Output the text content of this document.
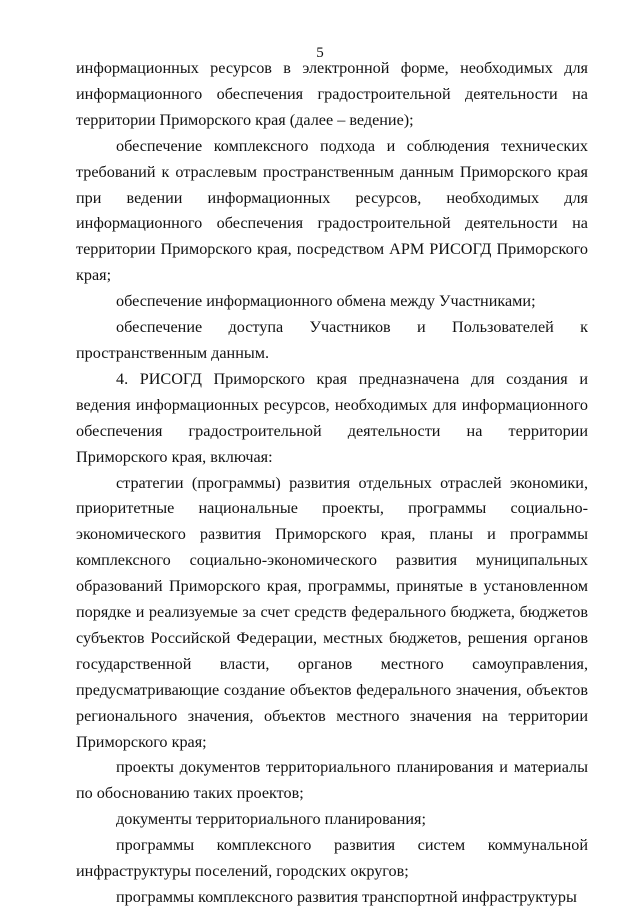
5

информационных ресурсов в электронной форме, необходимых для информационного обеспечения градостроительной деятельности на территории Приморского края (далее – ведение);

обеспечение комплексного подхода и соблюдения технических требований к отраслевым пространственным данным Приморского края при ведении информационных ресурсов, необходимых для информационного обеспечения градостроительной деятельности на территории Приморского края, посредством АРМ РИСОГД Приморского края;

обеспечение информационного обмена между Участниками;

обеспечение доступа Участников и Пользователей к пространственным данным.

4. РИСОГД Приморского края предназначена для создания и ведения информационных ресурсов, необходимых для информационного обеспечения градостроительной деятельности на территории Приморского края, включая:

стратегии (программы) развития отдельных отраслей экономики, приоритетные национальные проекты, программы социально-экономического развития Приморского края, планы и программы комплексного социально-экономического развития муниципальных образований Приморского края, программы, принятые в установленном порядке и реализуемые за счет средств федерального бюджета, бюджетов субъектов Российской Федерации, местных бюджетов, решения органов государственной власти, органов местного самоуправления, предусматривающие создание объектов федерального значения, объектов регионального значения, объектов местного значения на территории Приморского края;

проекты документов территориального планирования и материалы по обоснованию таких проектов;

документы территориального планирования;

программы комплексного развития систем коммунальной инфраструктуры поселений, городских округов;

программы комплексного развития транспортной инфраструктуры
